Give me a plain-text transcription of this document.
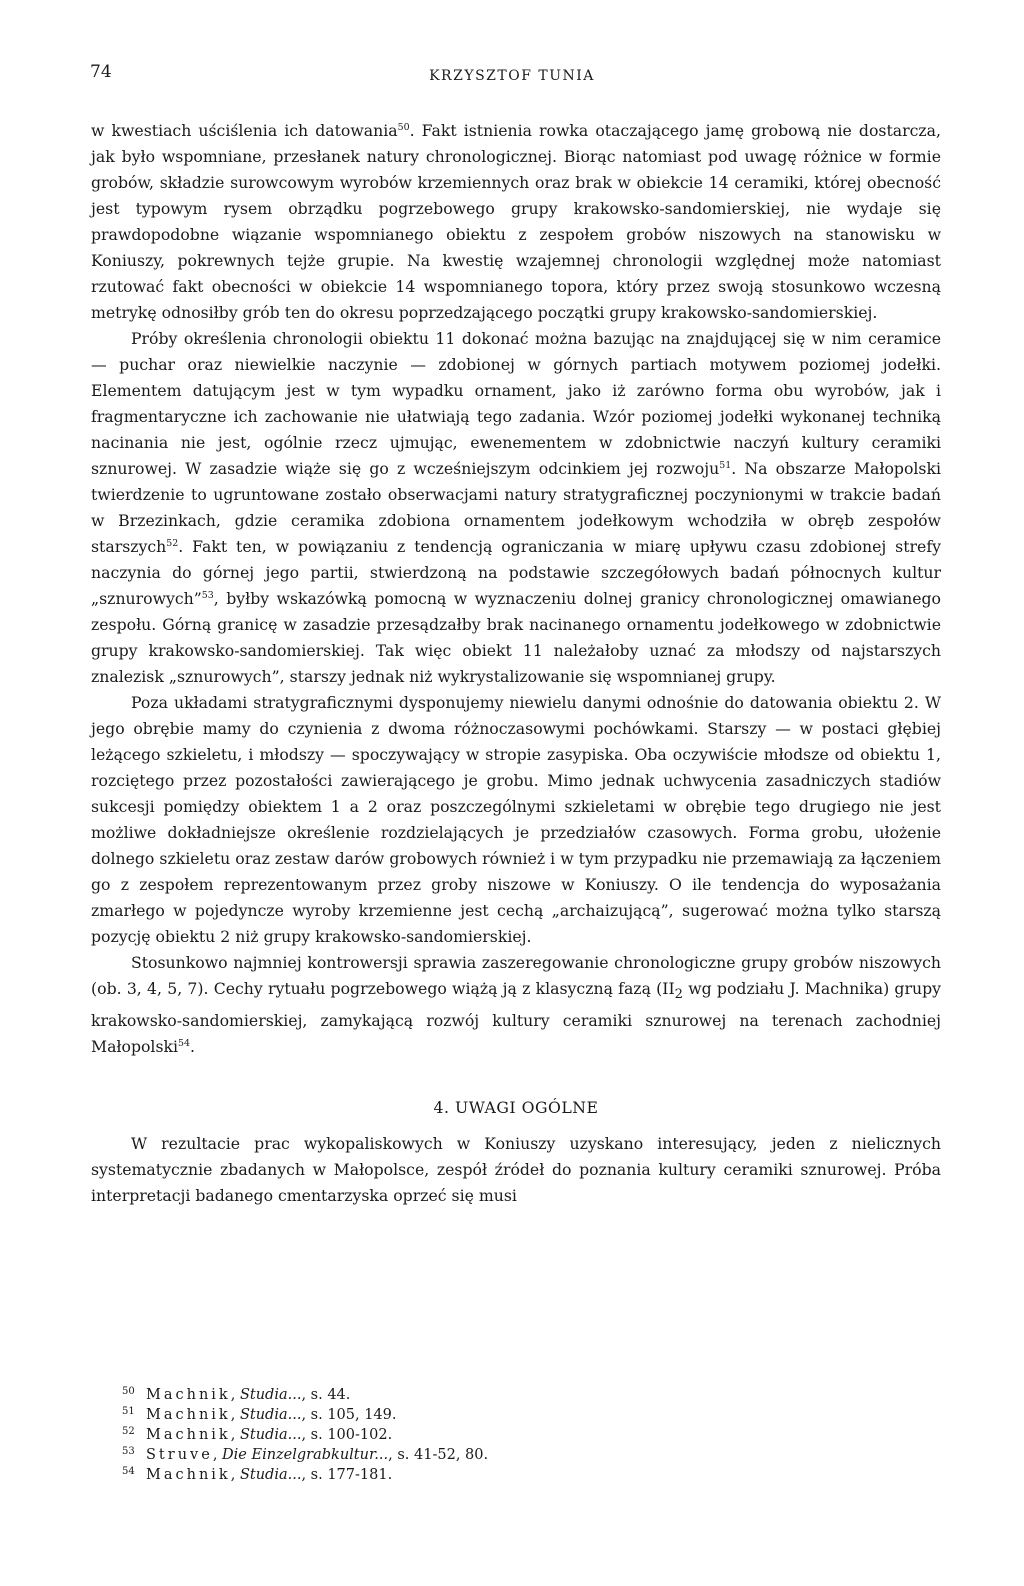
74	KRZYSZTOF TUNIA

w kwestiach uściślenia ich datowania$^{50}$. Fakt istnienia rowka otaczającego jamę grobową nie dostarcza, jak było wspomniane, przesłanek natury chronologicznej. Biorąc natomiast pod uwagę różnice w formie grobów, składzie surowcowym wyrobów krzemiennych oraz brak w obiekcie 14 ceramiki, której obecność jest typowym rysem obrządku pogrzebowego grupy krakowsko-sandomierskiej, nie wydaje się prawdopodobne wiązanie wspomnianego obiektu z zespołem grobów niszowych na stanowisku w Koniuszy, pokrewnych tejże grupie. Na kwestię wzajemnej chronologii względnej może natomiast rzutować fakt obecności w obiekcie 14 wspomnianego topora, który przez swoją stosunkowo wczesną metrykę odnosiłby grób ten do okresu poprzedzającego początki grupy krakowsko-sandomierskiej.

Próby określenia chronologii obiektu 11 dokonać można bazując na znajdującej się w nim ceramice — puchar oraz niewielkie naczynie — zdobionej w górnych partiach motywem poziomej jodełki. Elementem datującym jest w tym wypadku ornament, jako iż zarówno forma obu wyrobów, jak i fragmentaryczne ich zachowanie nie ułatwiają tego zadania. Wzór poziomej jodełki wykonanej techniką nacinania nie jest, ogólnie rzecz ujmując, ewenementem w zdobnictwie naczyń kultury ceramiki sznurowej. W zasadzie wiąże się go z wcześniejszym odcinkiem jej rozwoju$^{51}$. Na obszarze Małopolski twierdzenie to ugruntowane zostało obserwacjami natury stratygraficznej poczynionymi w trakcie badań w Brzezinkach, gdzie ceramika zdobiona ornamentem jodełkowym wchodziła w obręb zespołów starszych$^{52}$. Fakt ten, w powiązaniu z tendencją ograniczania w miarę upływu czasu zdobionej strefy naczynia do górnej jego partii, stwierdzoną na podstawie szczegółowych badań północnych kultur „sznurowych”$^{53}$, byłby wskazówką pomocną w wyznaczeniu dolnej granicy chronologicznej omawianego zespołu. Górną granicę w zasadzie przesądzałby brak nacinanego ornamentu jodełkowego w zdobnictwie grupy krakowsko-sandomierskiej. Tak więc obiekt 11 należałoby uznać za młodszy od najstarszych znalezisk „sznurowych”, starszy jednak niż wykrystalizowanie się wspomnianej grupy.

Poza układami stratygraficznymi dysponujemy niewielu danymi odnośnie do datowania obiektu 2. W jego obrębie mamy do czynienia z dwoma różnoczasowymi pochówkami. Starszy — w postaci głębiej leżącego szkieletu, i młodszy — spoczywający w stropie zasypiska. Oba oczywiście młodsze od obiektu 1, rozciętego przez pozostałości zawierającego je grobu. Mimo jednak uchwycenia zasadniczych stadiów sukcesji pomiędzy obiektem 1 a 2 oraz poszczególnymi szkieletami w obrębie tego drugiego nie jest możliwe dokładniejsze określenie rozdzielających je przedziałów czasowych. Forma grobu, ułożenie dolnego szkieletu oraz zestaw darów grobowych również i w tym przypadku nie przemawiają za łączeniem go z zespołem reprezentowanym przez groby niszowe w Koniuszy. O ile tendencja do wyposażania zmarłego w pojedyncze wyroby krzemienne jest cechą „archaizującą”, sugerować można tylko starszą pozycję obiektu 2 niż grupy krakowsko-sandomierskiej.

Stosunkowo najmniej kontrowersji sprawia zaszeregowanie chronologiczne grupy grobów niszowych (ob. 3, 4, 5, 7). Cechy rytuału pogrzebowego wiążą ją z klasyczną fazą ($II_2$ wg podziału J. Machnika) grupy krakowsko-sandomierskiej, zamykającą rozwój kultury ceramiki sznurowej na terenach zachodniej Małopolski$^{54}$.

4. UWAGI OGÓLNE

W rezultacie prac wykopaliskowych w Koniuszy uzyskano interesujący, jeden z nielicznych systematycznie zbadanych w Małopolsce, zespół źródeł do poznania kultury ceramiki sznurowej. Próba interpretacji badanego cmentarzyska oprzeć się musi

50 Machnik, Studia..., s. 44.
51 Machnik, Studia..., s. 105, 149.
52 Machnik, Studia..., s. 100-102.
53 Struve, Die Einzelgrabkultur..., s. 41-52, 80.
54 Machnik, Studia..., s. 177-181.
